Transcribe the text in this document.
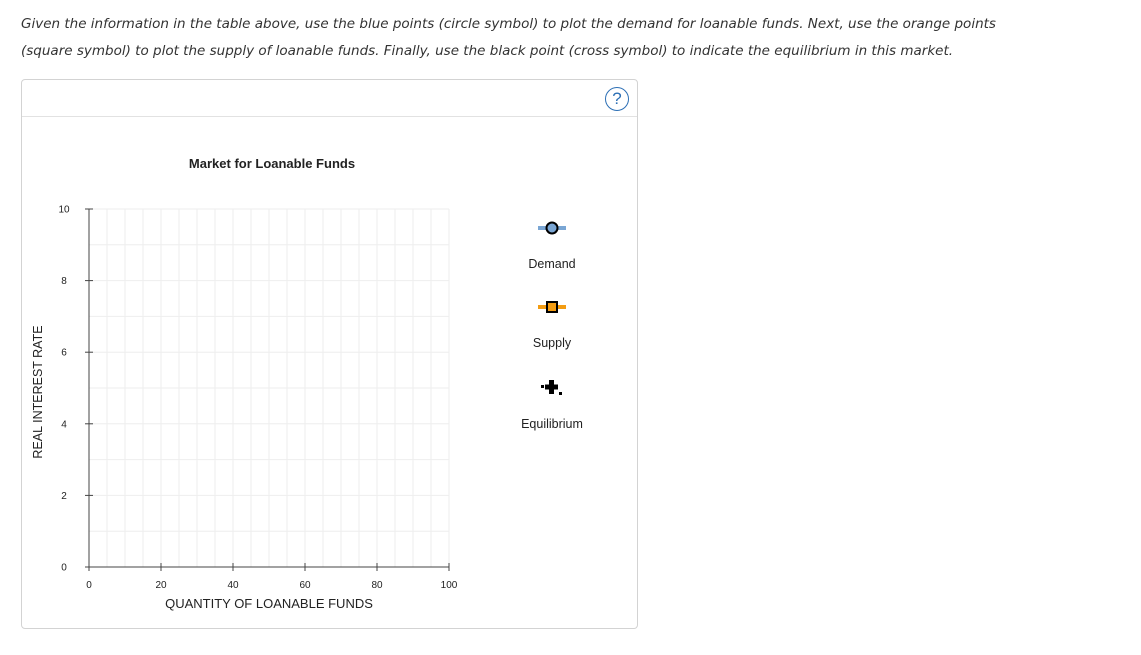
Given the information in the table above, use the blue points (circle symbol) to plot the demand for loanable funds. Next, use the orange points
(square symbol) to plot the supply of loanable funds. Finally, use the black point (cross symbol) to indicate the equilibrium in this market.
?
Market for Loanable Funds
0
2
4
6
8
10
0	20	40	60	80	100
QUANTITY OF LOANABLE FUNDS
REAL INTEREST RATE
Demand
Supply
Equilibrium
